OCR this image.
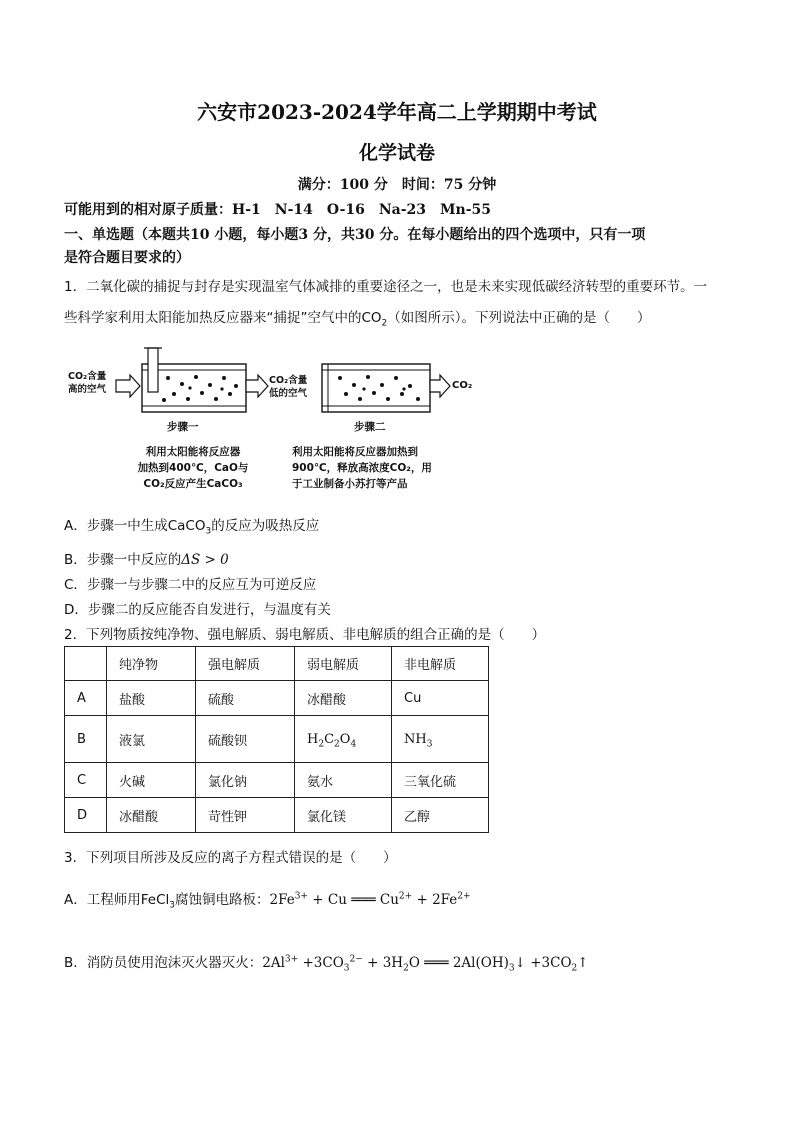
六安市2023-2024学年高二上学期期中考试
化学试卷
满分：100 分　时间：75 分钟
可能用到的相对原子质量：H-1　N-14　O-16　Na-23　Mn-55
一、单选题（本题共10 小题，每小题3 分，共30 分。在每小题给出的四个选项中，只有一项
是符合题目要求的）
1．二氧化碳的捕捉与封存是实现温室气体减排的重要途径之一，也是未来实现低碳经济转型的重要环节。一
些科学家利用太阳能加热反应器来“捕捉”空气中的$CO_2$（如图所示）。下列说法中正确的是（　　）
CO₂含量
高的空气
CO₂含量
低的空气
CO₂
步骤一	步骤二
利用太阳能将反应器
加热到400℃，CaO与
CO₂反应产生CaCO₃
利用太阳能将反应器加热到
900℃，释放高浓度CO₂，用
于工业制备小苏打等产品
A．步骤一中生成CaCO$_3$的反应为吸热反应
B．步骤一中反应的ΔS > 0
C．步骤一与步骤二中的反应互为可逆反应
D．步骤二的反应能否自发进行，与温度有关
2．下列物质按纯净物、强电解质、弱电解质、非电解质的组合正确的是（　　）
	纯净物	强电解质	弱电解质	非电解质
A	盐酸	硫酸	冰醋酸	Cu
B	液氯	硫酸钡	$H_2C_2O_4$	$NH_3$
C	火碱	氯化钠	氨水	三氧化硫
D	冰醋酸	苛性钾	氯化镁	乙醇
3．下列项目所涉及反应的离子方程式错误的是（　　）
A．工程师用FeCl$_3$腐蚀铜电路板：$2Fe^{3+} + Cu$ ═══ $Cu^{2+} + 2Fe^{2+}$
B．消防员使用泡沫灭火器灭火：$2Al^{3+} +3CO_3^{2-} + 3H_2O$ ═══ $2Al(OH)_3↓$ $+3CO_2↑$
